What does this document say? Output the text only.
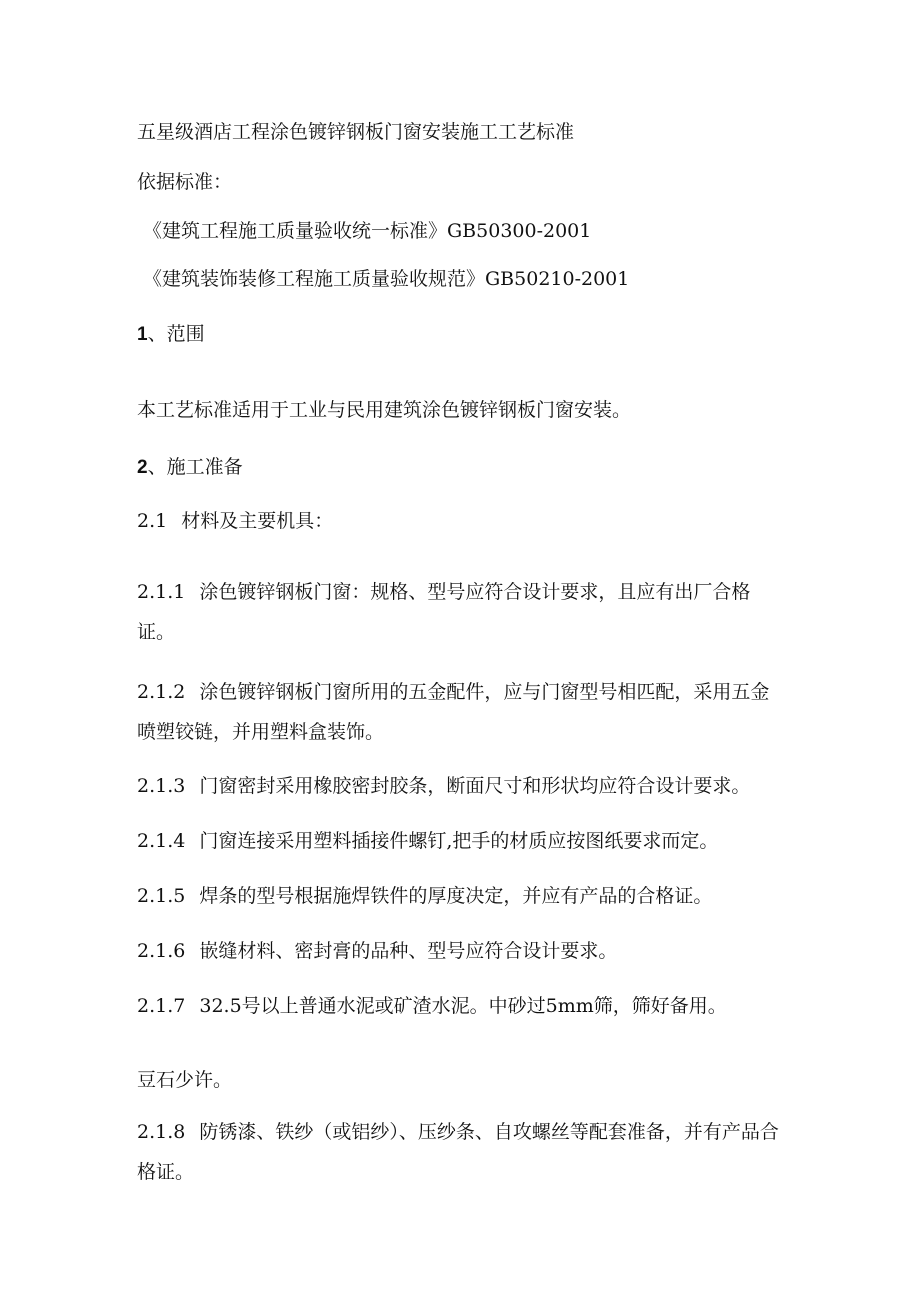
五星级酒店工程涂色镀锌钢板门窗安装施工工艺标准
依据标准：
《建筑工程施工质量验收统一标准》GB50300-2001
《建筑装饰装修工程施工质量验收规范》GB50210-2001
1、范围
本工艺标准适用于工业与民用建筑涂色镀锌钢板门窗安装。
2、施工准备
2.1 材料及主要机具：
2.1.1 涂色镀锌钢板门窗：规格、型号应符合设计要求，且应有出厂合格证。
2.1.2 涂色镀锌钢板门窗所用的五金配件，应与门窗型号相匹配，采用五金喷塑铰链，并用塑料盒装饰。
2.1.3 门窗密封采用橡胶密封胶条，断面尺寸和形状均应符合设计要求。
2.1.4 门窗连接采用塑料插接件螺钉,把手的材质应按图纸要求而定。
2.1.5 焊条的型号根据施焊铁件的厚度决定，并应有产品的合格证。
2.1.6 嵌缝材料、密封膏的品种、型号应符合设计要求。
2.1.7 32.5号以上普通水泥或矿渣水泥。中砂过5mm筛，筛好备用。
豆石少许。
2.1.8 防锈漆、铁纱（或铝纱）、压纱条、自攻螺丝等配套准备，并有产品合格证。
